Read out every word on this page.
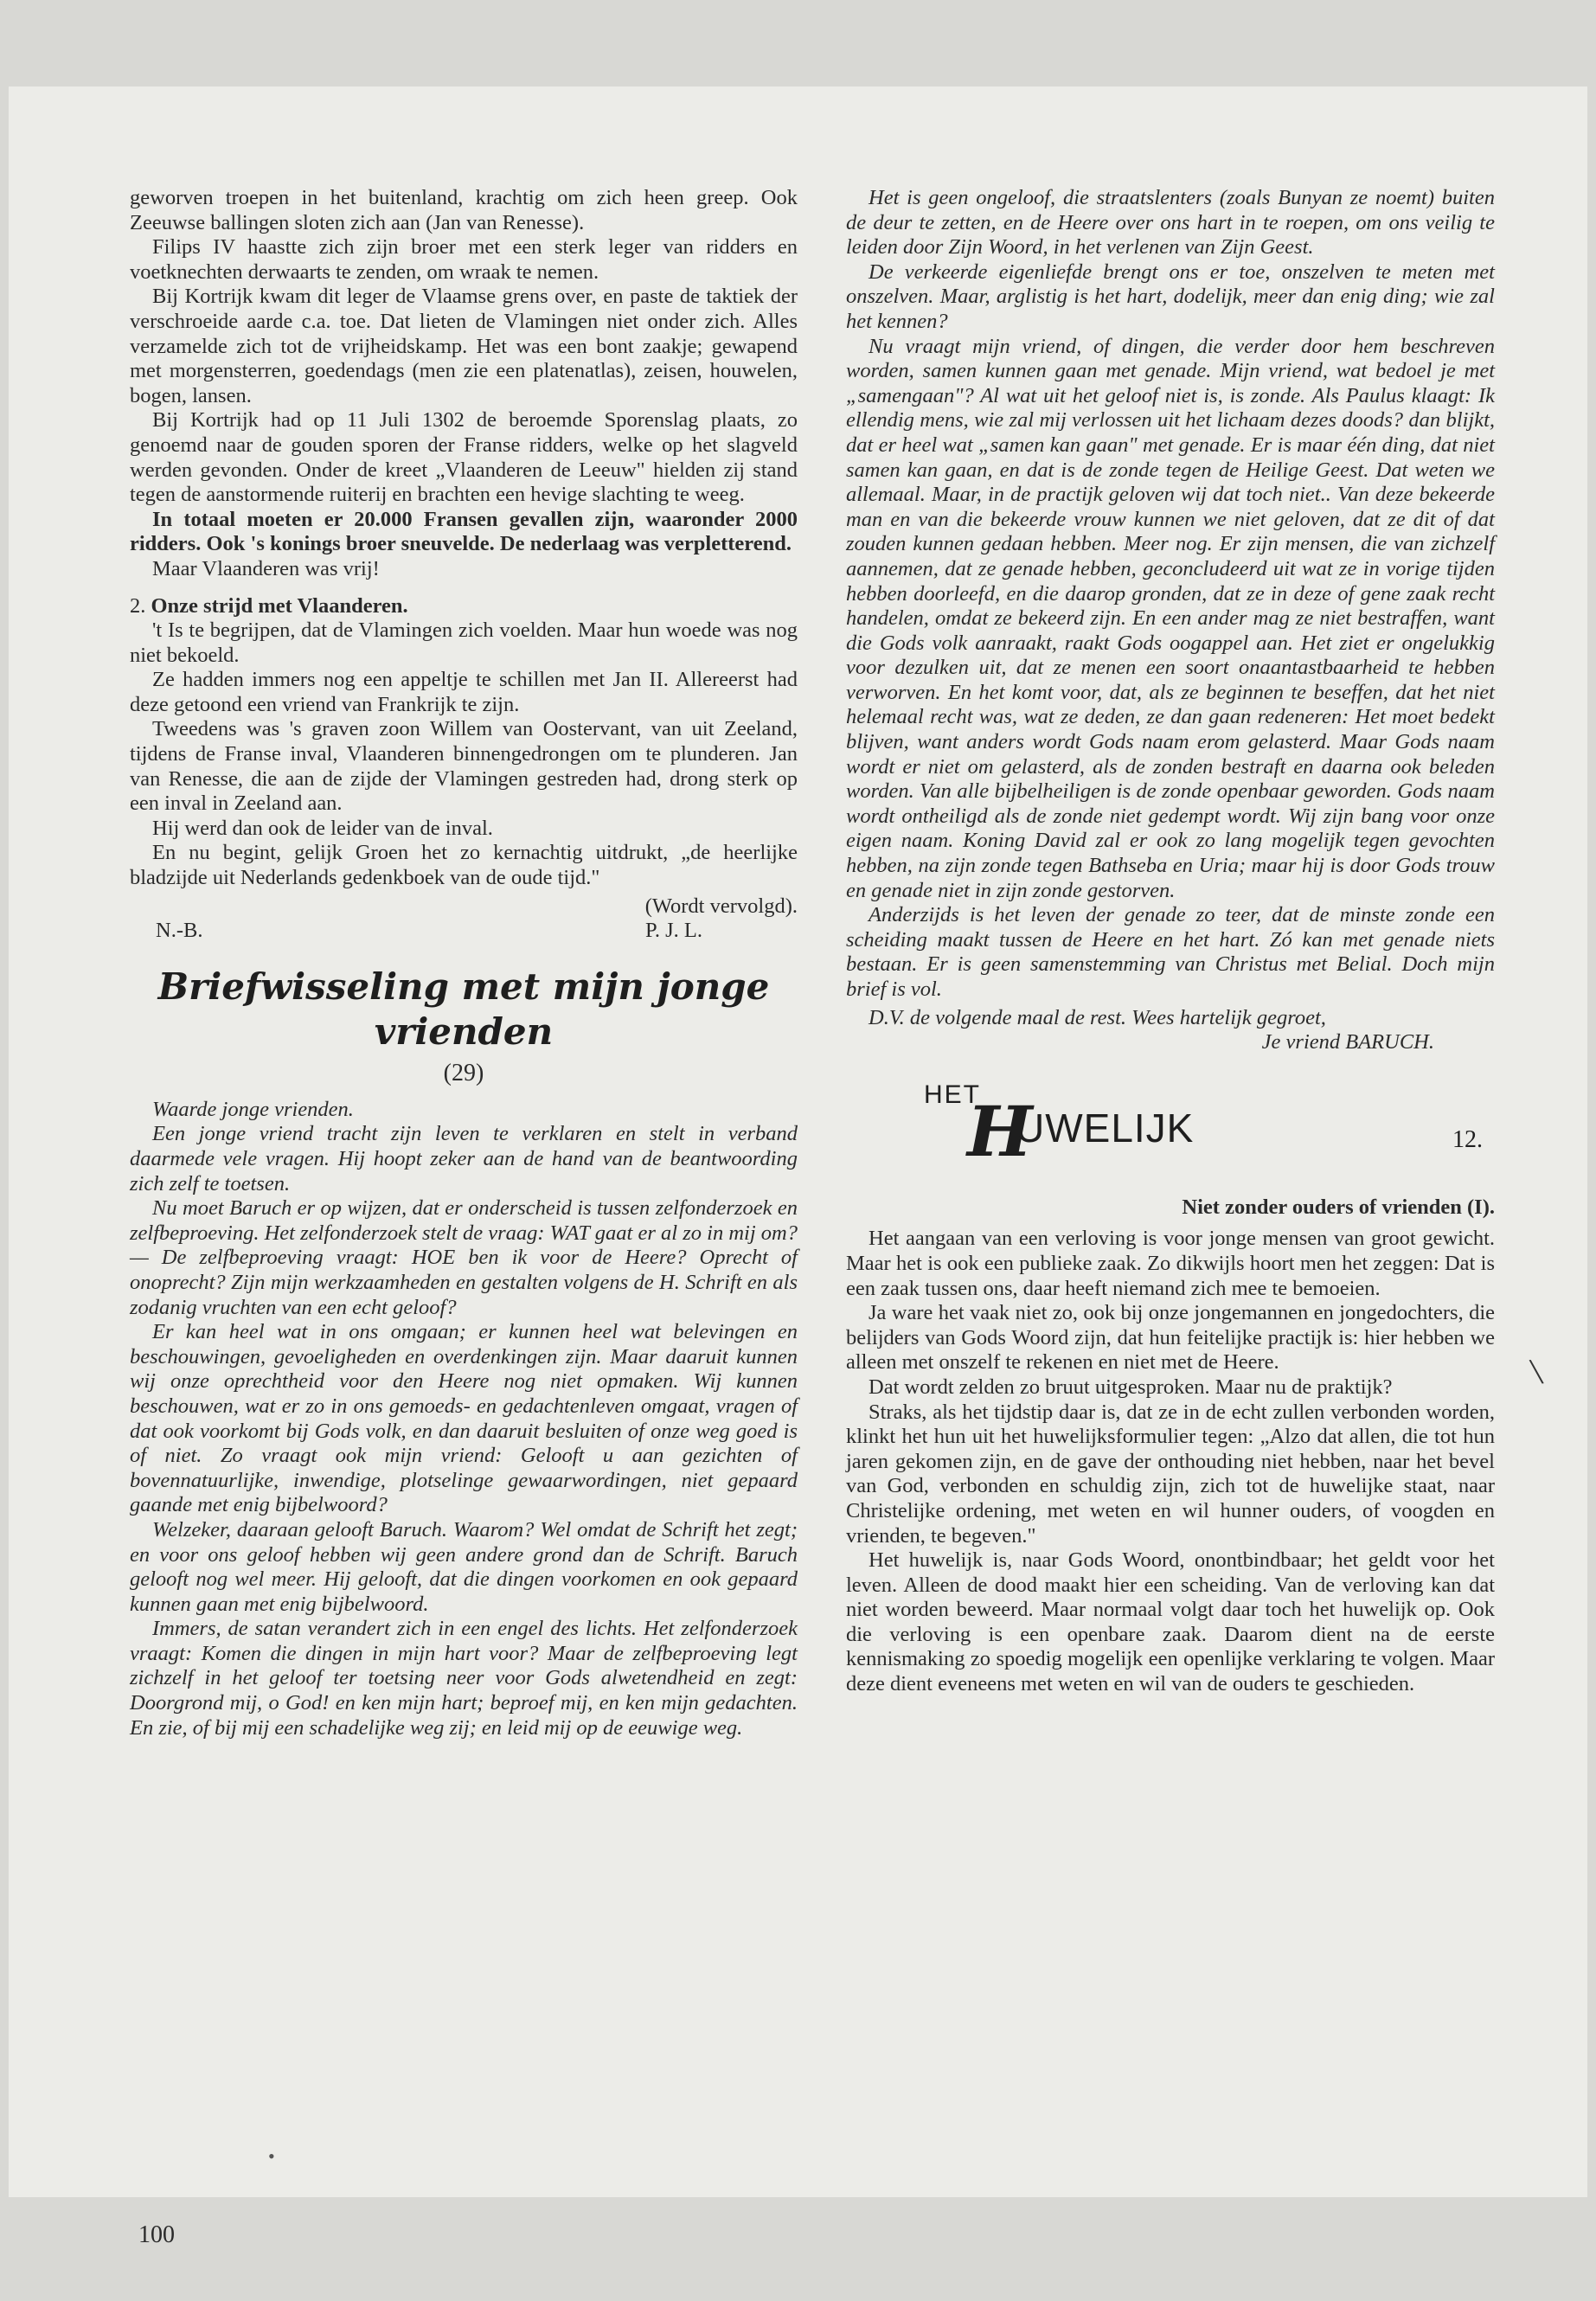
geworven troepen in het buitenland, krachtig om zich heen greep. Ook Zeeuwse ballingen sloten zich aan (Jan van Renesse).

Filips IV haastte zich zijn broer met een sterk leger van ridders en voetknechten derwaarts te zenden, om wraak te nemen.

Bij Kortrijk kwam dit leger de Vlaamse grens over, en paste de taktiek der verschroeide aarde c.a. toe. Dat lieten de Vlamingen niet onder zich. Alles verzamelde zich tot de vrijheidskamp. Het was een bont zaakje; gewapend met morgensterren, goedendags (men zie een platenatlas), zeisen, houwelen, bogen, lansen.

Bij Kortrijk had op 11 Juli 1302 de beroemde Sporenslag plaats, zo genoemd naar de gouden sporen der Franse ridders, welke op het slagveld werden gevonden. Onder de kreet „Vlaanderen de Leeuw" hielden zij stand tegen de aanstormende ruiterij en brachten een hevige slachting te weeg.

In totaal moeten er 20.000 Fransen gevallen zijn, waaronder 2000 ridders. Ook 's konings broer sneuvelde. De nederlaag was verpletterend.

Maar Vlaanderen was vrij!

2. Onze strijd met Vlaanderen.

't Is te begrijpen, dat de Vlamingen zich voelden. Maar hun woede was nog niet bekoeld.

Ze hadden immers nog een appeltje te schillen met Jan II. Allereerst had deze getoond een vriend van Frankrijk te zijn.

Tweedens was 's graven zoon Willem van Oostervant, van uit Zeeland, tijdens de Franse inval, Vlaanderen binnengedrongen om te plunderen. Jan van Renesse, die aan de zijde der Vlamingen gestreden had, drong sterk op een inval in Zeeland aan.

Hij werd dan ook de leider van de inval.

En nu begint, gelijk Groen het zo kernachtig uitdrukt, „de heerlijke bladzijde uit Nederlands gedenkboek van de oude tijd."

(Wordt vervolgd).

N.-B.	P. J. L.
Briefwisseling met mijn jonge vrienden
(29)

Waarde jonge vrienden.

Een jonge vriend tracht zijn leven te verklaren en stelt in verband daarmede vele vragen. Hij hoopt zeker aan de hand van de beantwoording zich zelf te toetsen.

Nu moet Baruch er op wijzen, dat er onderscheid is tussen zelfonderzoek en zelfbeproeving. Het zelfonderzoek stelt de vraag: WAT gaat er al zo in mij om? — De zelfbeproeving vraagt: HOE ben ik voor de Heere? Oprecht of onoprecht? Zijn mijn werkzaamheden en gestalten volgens de H. Schrift en als zodanig vruchten van een echt geloof?

Er kan heel wat in ons omgaan; er kunnen heel wat belevingen en beschouwingen, gevoeligheden en overdenkingen zijn. Maar daaruit kunnen wij onze oprechtheid voor den Heere nog niet opmaken. Wij kunnen beschouwen, wat er zo in ons gemoeds- en gedachtenleven omgaat, vragen of dat ook voorkomt bij Gods volk, en dan daaruit besluiten of onze weg goed is of niet. Zo vraagt ook mijn vriend: Gelooft u aan gezichten of bovennatuurlijke, inwendige, plotselinge gewaarwordingen, niet gepaard gaande met enig bijbelwoord?

Welzeker, daaraan gelooft Baruch. Waarom? Wel omdat de Schrift het zegt; en voor ons geloof hebben wij geen andere grond dan de Schrift. Baruch gelooft nog wel meer. Hij gelooft, dat die dingen voorkomen en ook gepaard kunnen gaan met enig bijbelwoord.

Immers, de satan verandert zich in een engel des lichts. Het zelfonderzoek vraagt: Komen die dingen in mijn hart voor? Maar de zelfbeproeving legt zichzelf in het geloof ter toetsing neer voor Gods alwetendheid en zegt: Doorgrond mij, o God! en ken mijn hart; beproef mij, en ken mijn gedachten. En zie, of bij mij een schadelijke weg zij; en leid mij op de eeuwige weg.

Het is geen ongeloof, die straatslenters (zoals Bunyan ze noemt) buiten de deur te zetten, en de Heere over ons hart in te roepen, om ons veilig te leiden door Zijn Woord, in het verlenen van Zijn Geest.

De verkeerde eigenliefde brengt ons er toe, onszelven te meten met onszelven. Maar, arglistig is het hart, dodelijk, meer dan enig ding; wie zal het kennen?

Nu vraagt mijn vriend, of dingen, die verder door hem beschreven worden, samen kunnen gaan met genade. Mijn vriend, wat bedoel je met „samengaan"? Al wat uit het geloof niet is, is zonde. Als Paulus klaagt: Ik ellendig mens, wie zal mij verlossen uit het lichaam dezes doods? dan blijkt, dat er heel wat „samen kan gaan" met genade. Er is maar één ding, dat niet samen kan gaan, en dat is de zonde tegen de Heilige Geest. Dat weten we allemaal. Maar, in de practijk geloven wij dat toch niet.. Van deze bekeerde man en van die bekeerde vrouw kunnen we niet geloven, dat ze dit of dat zouden kunnen gedaan hebben. Meer nog. Er zijn mensen, die van zichzelf aannemen, dat ze genade hebben, geconcludeerd uit wat ze in vorige tijden hebben doorleefd, en die daarop gronden, dat ze in deze of gene zaak recht handelen, omdat ze bekeerd zijn. En een ander mag ze niet bestraffen, want die Gods volk aanraakt, raakt Gods oogappel aan. Het ziet er ongelukkig voor dezulken uit, dat ze menen een soort onaantastbaarheid te hebben verworven. En het komt voor, dat, als ze beginnen te beseffen, dat het niet helemaal recht was, wat ze deden, ze dan gaan redeneren: Het moet bedekt blijven, want anders wordt Gods naam erom gelasterd. Maar Gods naam wordt er niet om gelasterd, als de zonden bestraft en daarna ook beleden worden. Van alle bijbelheiligen is de zonde openbaar geworden. Gods naam wordt ontheiligd als de zonde niet gedempt wordt. Wij zijn bang voor onze eigen naam. Koning David zal er ook zo lang mogelijk tegen gevochten hebben, na zijn zonde tegen Bathseba en Uria; maar hij is door Gods trouw en genade niet in zijn zonde gestorven.

Anderzijds is het leven der genade zo teer, dat de minste zonde een scheiding maakt tussen de Heere en het hart. Zó kan met genade niets bestaan. Er is geen samenstemming van Christus met Belial. Doch mijn brief is vol.

D.V. de volgende maal de rest. Wees hartelijk gegroet,

Je vriend BARUCH.

HET
H
UWELIJK	12.

Niet zonder ouders of vrienden (I).

Het aangaan van een verloving is voor jonge mensen van groot gewicht. Maar het is ook een publieke zaak. Zo dikwijls hoort men het zeggen: Dat is een zaak tussen ons, daar heeft niemand zich mee te bemoeien.

Ja ware het vaak niet zo, ook bij onze jongemannen en jongedochters, die belijders van Gods Woord zijn, dat hun feitelijke practijk is: hier hebben we alleen met onszelf te rekenen en niet met de Heere.

Dat wordt zelden zo bruut uitgesproken. Maar nu de praktijk?

Straks, als het tijdstip daar is, dat ze in de echt zullen verbonden worden, klinkt het hun uit het huwelijksformulier tegen: „Alzo dat allen, die tot hun jaren gekomen zijn, en de gave der onthouding niet hebben, naar het bevel van God, verbonden en schuldig zijn, zich tot de huwelijke staat, naar Christelijke ordening, met weten en wil hunner ouders, of voogden en vrienden, te begeven."

Het huwelijk is, naar Gods Woord, onontbindbaar; het geldt voor het leven. Alleen de dood maakt hier een scheiding. Van de verloving kan dat niet worden beweerd. Maar normaal volgt daar toch het huwelijk op. Ook die verloving is een openbare zaak. Daarom dient na de eerste kennismaking zo spoedig mogelijk een openlijke verklaring te volgen. Maar deze dient eveneens met weten en wil van de ouders te geschieden.

100
•
\
